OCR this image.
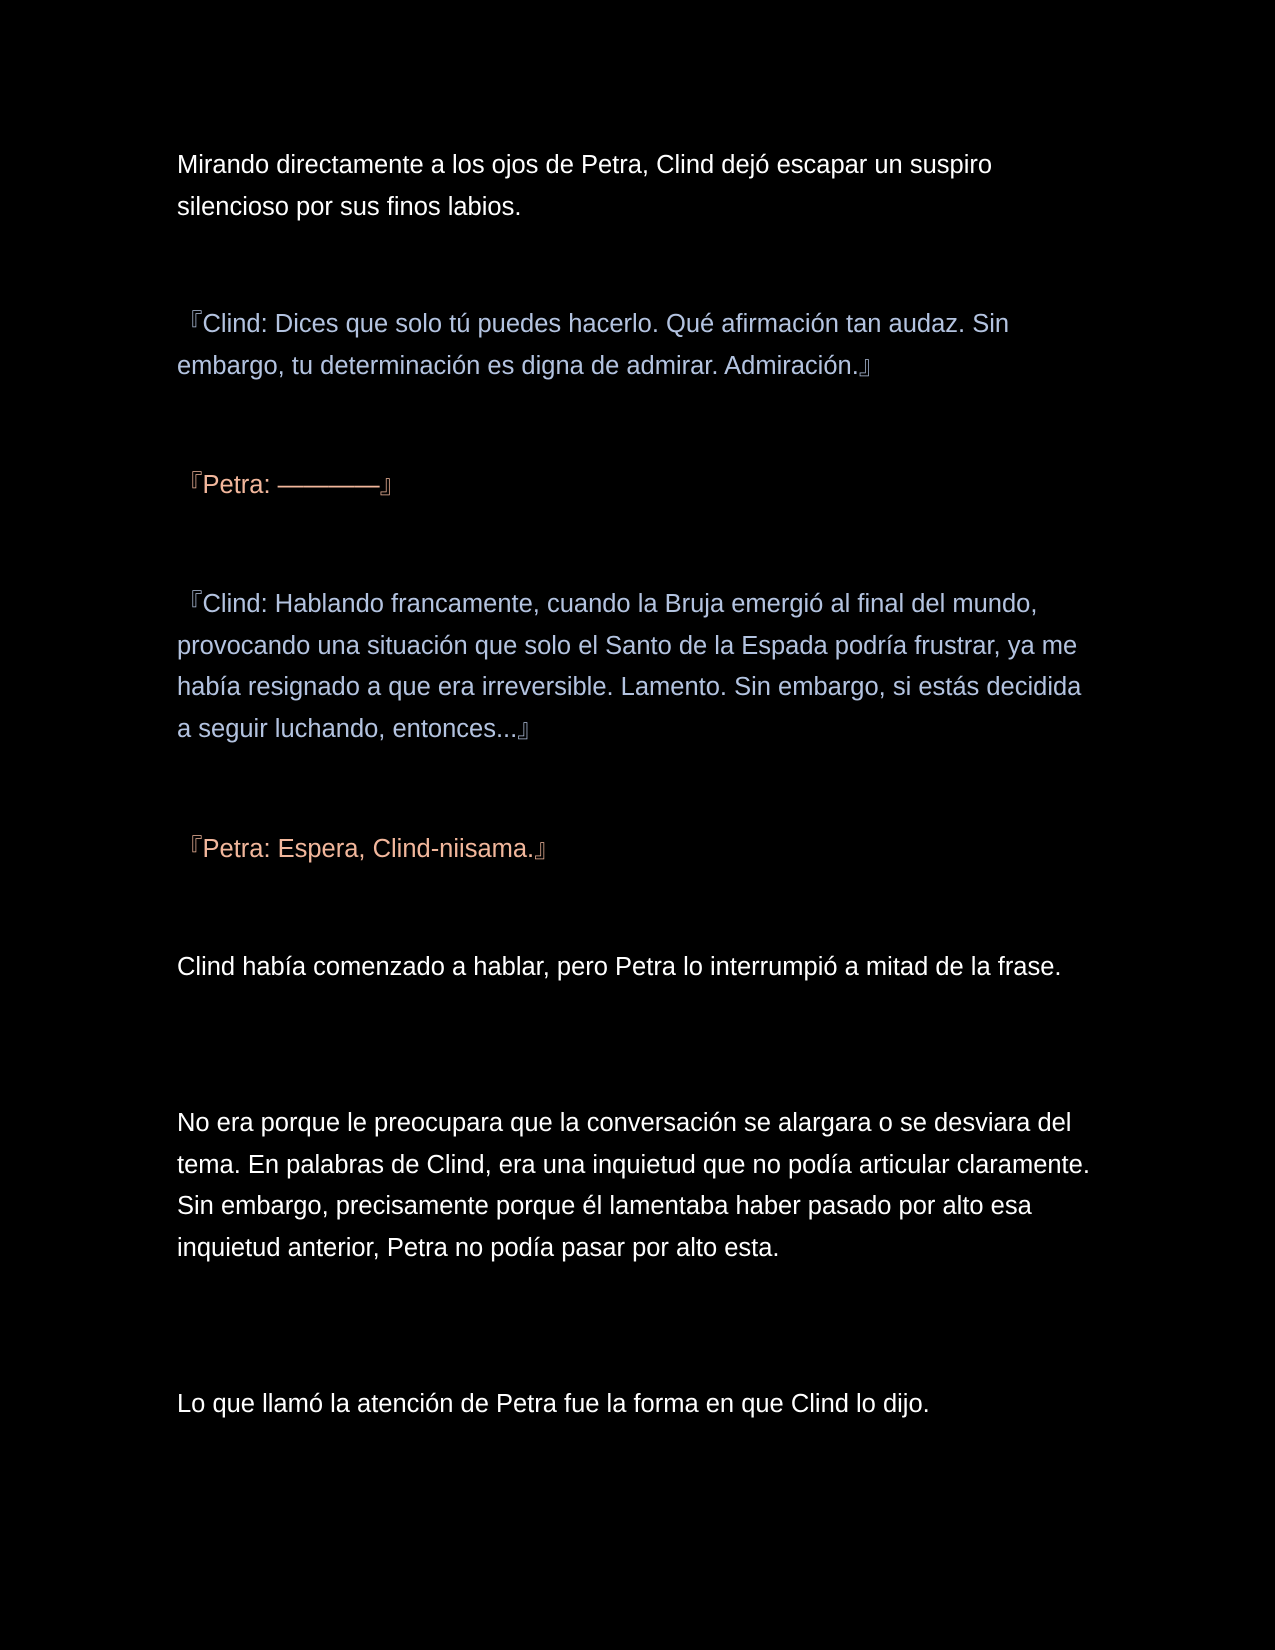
Mirando directamente a los ojos de Petra, Clind dejó escapar un suspiro silencioso por sus finos labios.

『Clind: Dices que solo tú puedes hacerlo. Qué afirmación tan audaz. Sin embargo, tu determinación es digna de admirar. Admiración.』

『Petra: ————』

『Clind: Hablando francamente, cuando la Bruja emergió al final del mundo, provocando una situación que solo el Santo de la Espada podría frustrar, ya me había resignado a que era irreversible. Lamento. Sin embargo, si estás decidida a seguir luchando, entonces...』

『Petra: Espera, Clind-niisama.』

Clind había comenzado a hablar, pero Petra lo interrumpió a mitad de la frase.

No era porque le preocupara que la conversación se alargara o se desviara del tema. En palabras de Clind, era una inquietud que no podía articular claramente. Sin embargo, precisamente porque él lamentaba haber pasado por alto esa inquietud anterior, Petra no podía pasar por alto esta.

Lo que llamó la atención de Petra fue la forma en que Clind lo dijo.
